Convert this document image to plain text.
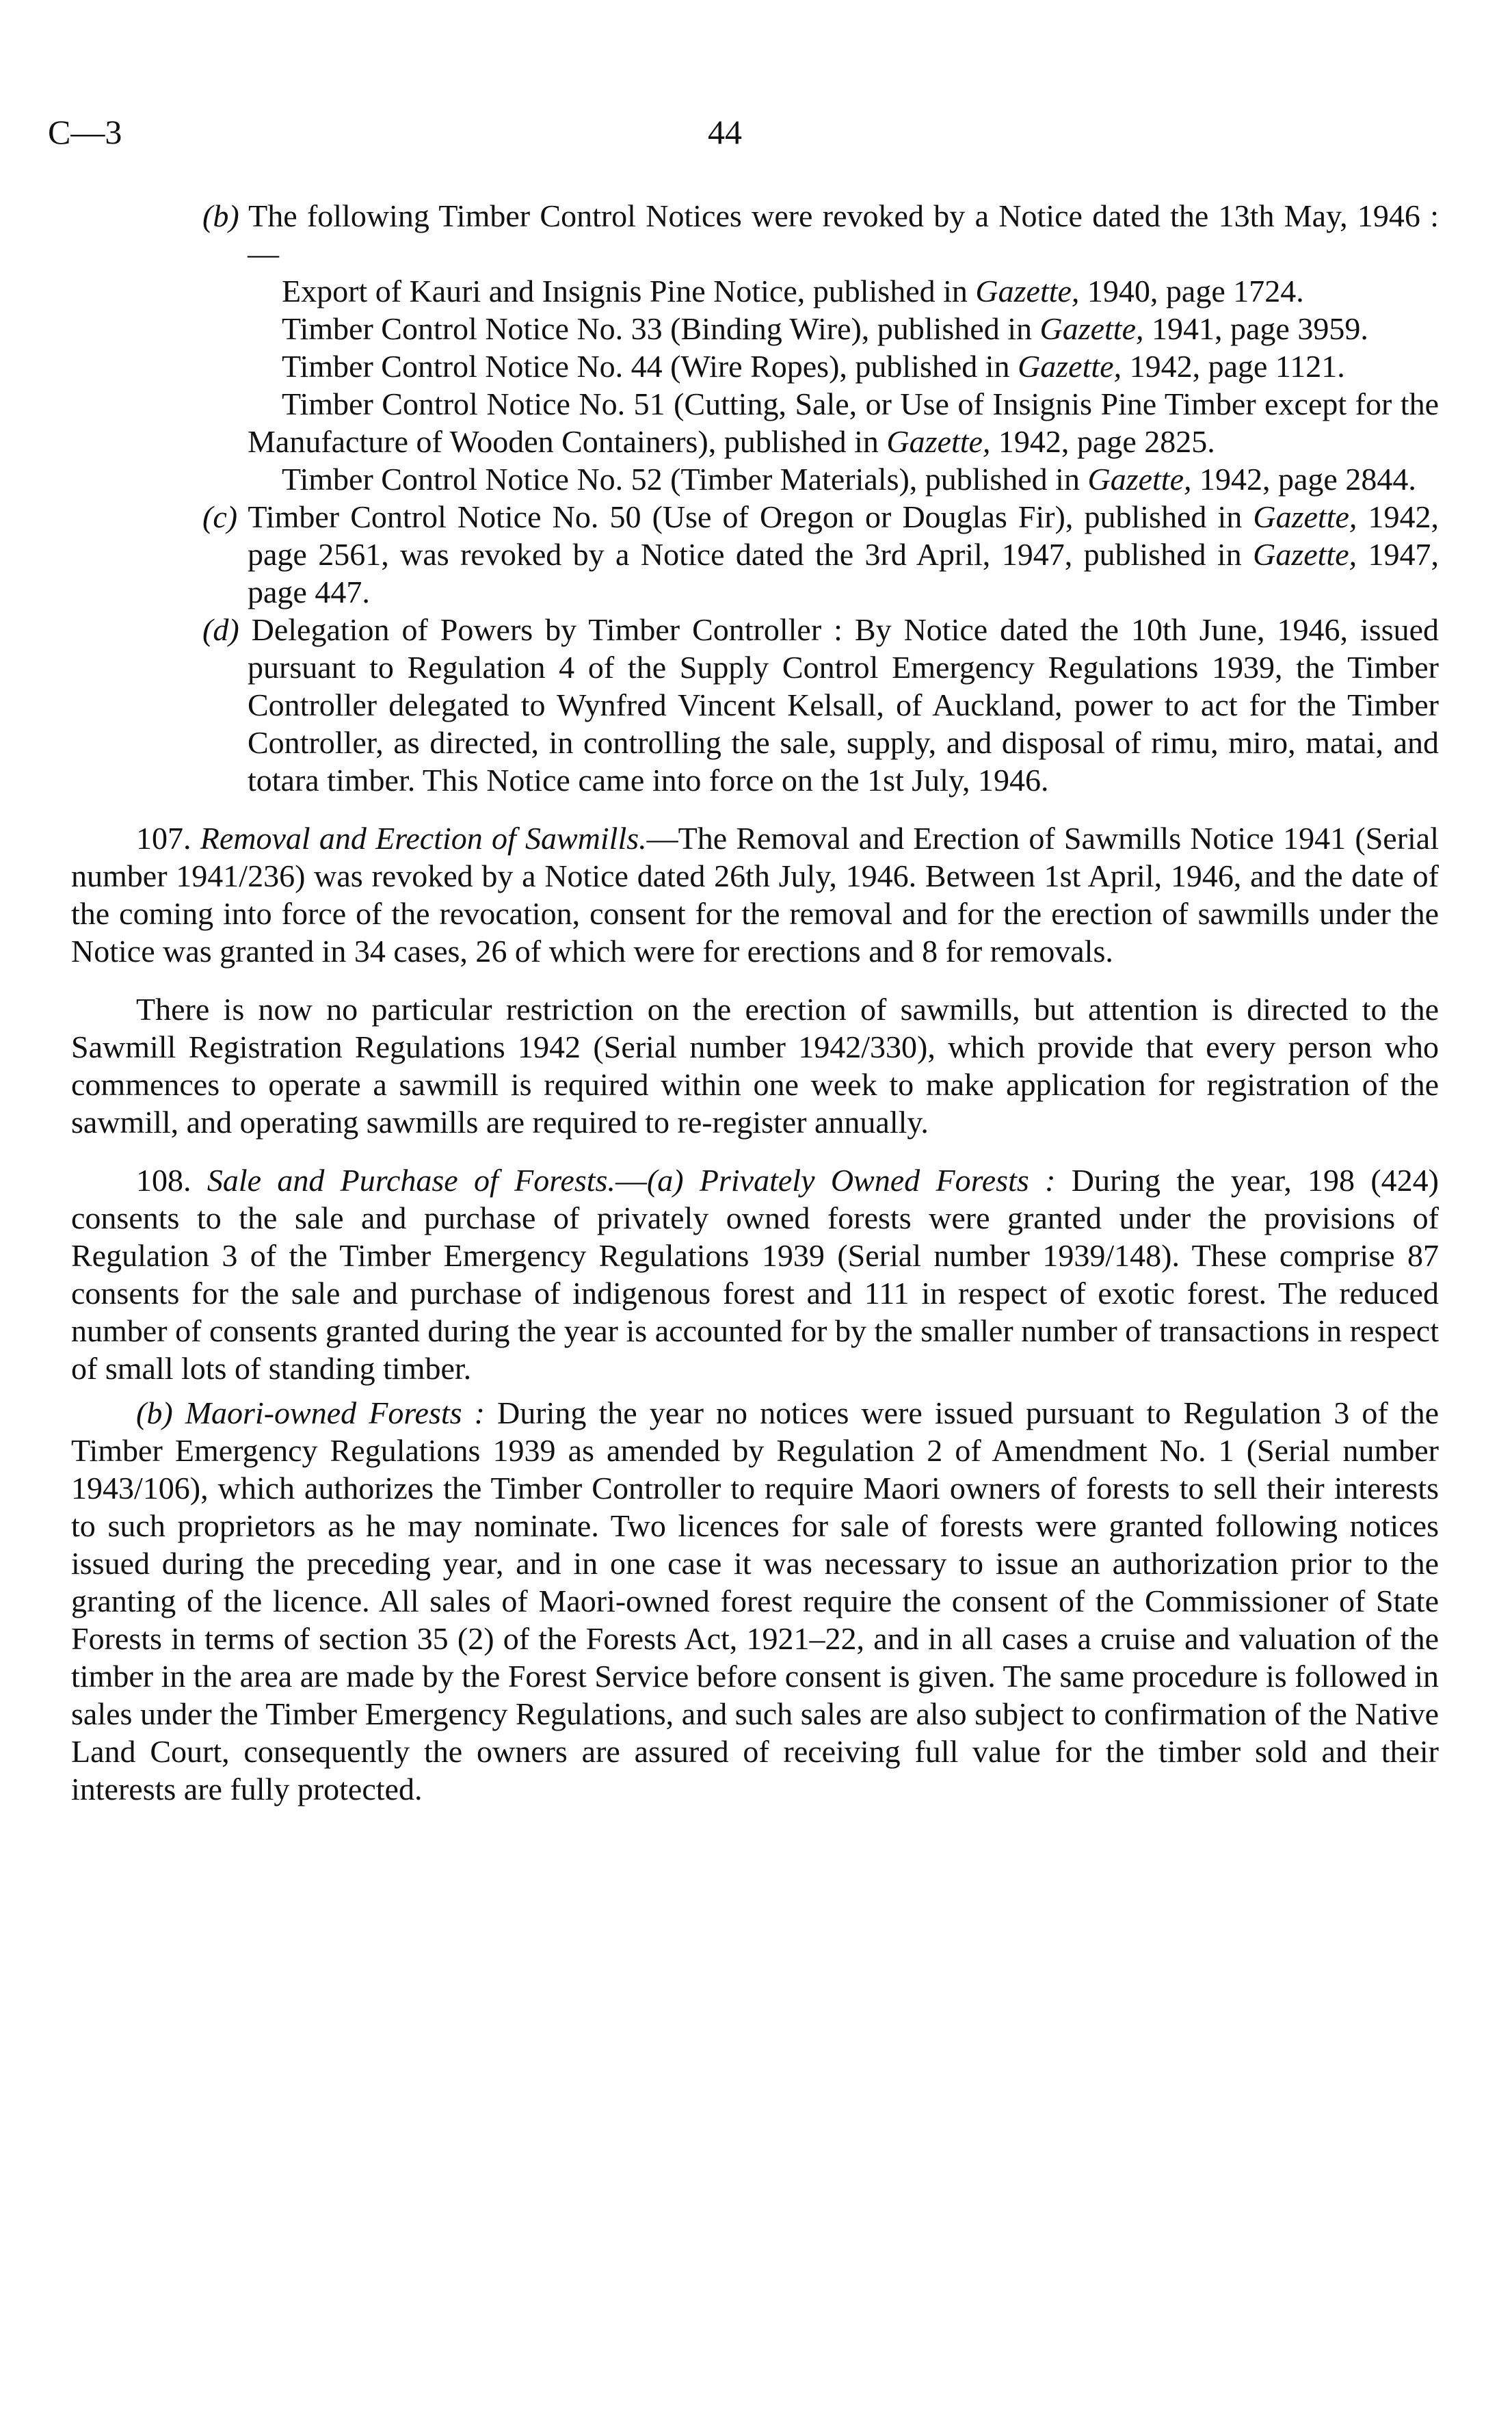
C—3	44

(b) The following Timber Control Notices were revoked by a Notice dated the 13th May, 1946 :—

Export of Kauri and Insignis Pine Notice, published in Gazette, 1940, page 1724.

Timber Control Notice No. 33 (Binding Wire), published in Gazette, 1941, page 3959.

Timber Control Notice No. 44 (Wire Ropes), published in Gazette, 1942, page 1121.

Timber Control Notice No. 51 (Cutting, Sale, or Use of Insignis Pine Timber except for the Manufacture of Wooden Containers), published in Gazette, 1942, page 2825.

Timber Control Notice No. 52 (Timber Materials), published in Gazette, 1942, page 2844.

(c) Timber Control Notice No. 50 (Use of Oregon or Douglas Fir), published in Gazette, 1942, page 2561, was revoked by a Notice dated the 3rd April, 1947, published in Gazette, 1947, page 447.

(d) Delegation of Powers by Timber Controller : By Notice dated the 10th June, 1946, issued pursuant to Regulation 4 of the Supply Control Emergency Regulations 1939, the Timber Controller delegated to Wynfred Vincent Kelsall, of Auckland, power to act for the Timber Controller, as directed, in controlling the sale, supply, and disposal of rimu, miro, matai, and totara timber. This Notice came into force on the 1st July, 1946.

107. Removal and Erection of Sawmills.—The Removal and Erection of Sawmills Notice 1941 (Serial number 1941/236) was revoked by a Notice dated 26th July, 1946. Between 1st April, 1946, and the date of the coming into force of the revocation, consent for the removal and for the erection of sawmills under the Notice was granted in 34 cases, 26 of which were for erections and 8 for removals.

There is now no particular restriction on the erection of sawmills, but attention is directed to the Sawmill Registration Regulations 1942 (Serial number 1942/330), which provide that every person who commences to operate a sawmill is required within one week to make application for registration of the sawmill, and operating sawmills are required to re-register annually.

108. Sale and Purchase of Forests.—(a) Privately Owned Forests : During the year, 198 (424) consents to the sale and purchase of privately owned forests were granted under the provisions of Regulation 3 of the Timber Emergency Regulations 1939 (Serial number 1939/148). These comprise 87 consents for the sale and purchase of indigenous forest and 111 in respect of exotic forest. The reduced number of consents granted during the year is accounted for by the smaller number of transactions in respect of small lots of standing timber.

(b) Maori-owned Forests : During the year no notices were issued pursuant to Regulation 3 of the Timber Emergency Regulations 1939 as amended by Regulation 2 of Amendment No. 1 (Serial number 1943/106), which authorizes the Timber Controller to require Maori owners of forests to sell their interests to such proprietors as he may nominate. Two licences for sale of forests were granted following notices issued during the preceding year, and in one case it was necessary to issue an authorization prior to the granting of the licence. All sales of Maori-owned forest require the consent of the Commissioner of State Forests in terms of section 35 (2) of the Forests Act, 1921–22, and in all cases a cruise and valuation of the timber in the area are made by the Forest Service before consent is given. The same procedure is followed in sales under the Timber Emergency Regulations, and such sales are also subject to confirmation of the Native Land Court, consequently the owners are assured of receiving full value for the timber sold and their interests are fully protected.
